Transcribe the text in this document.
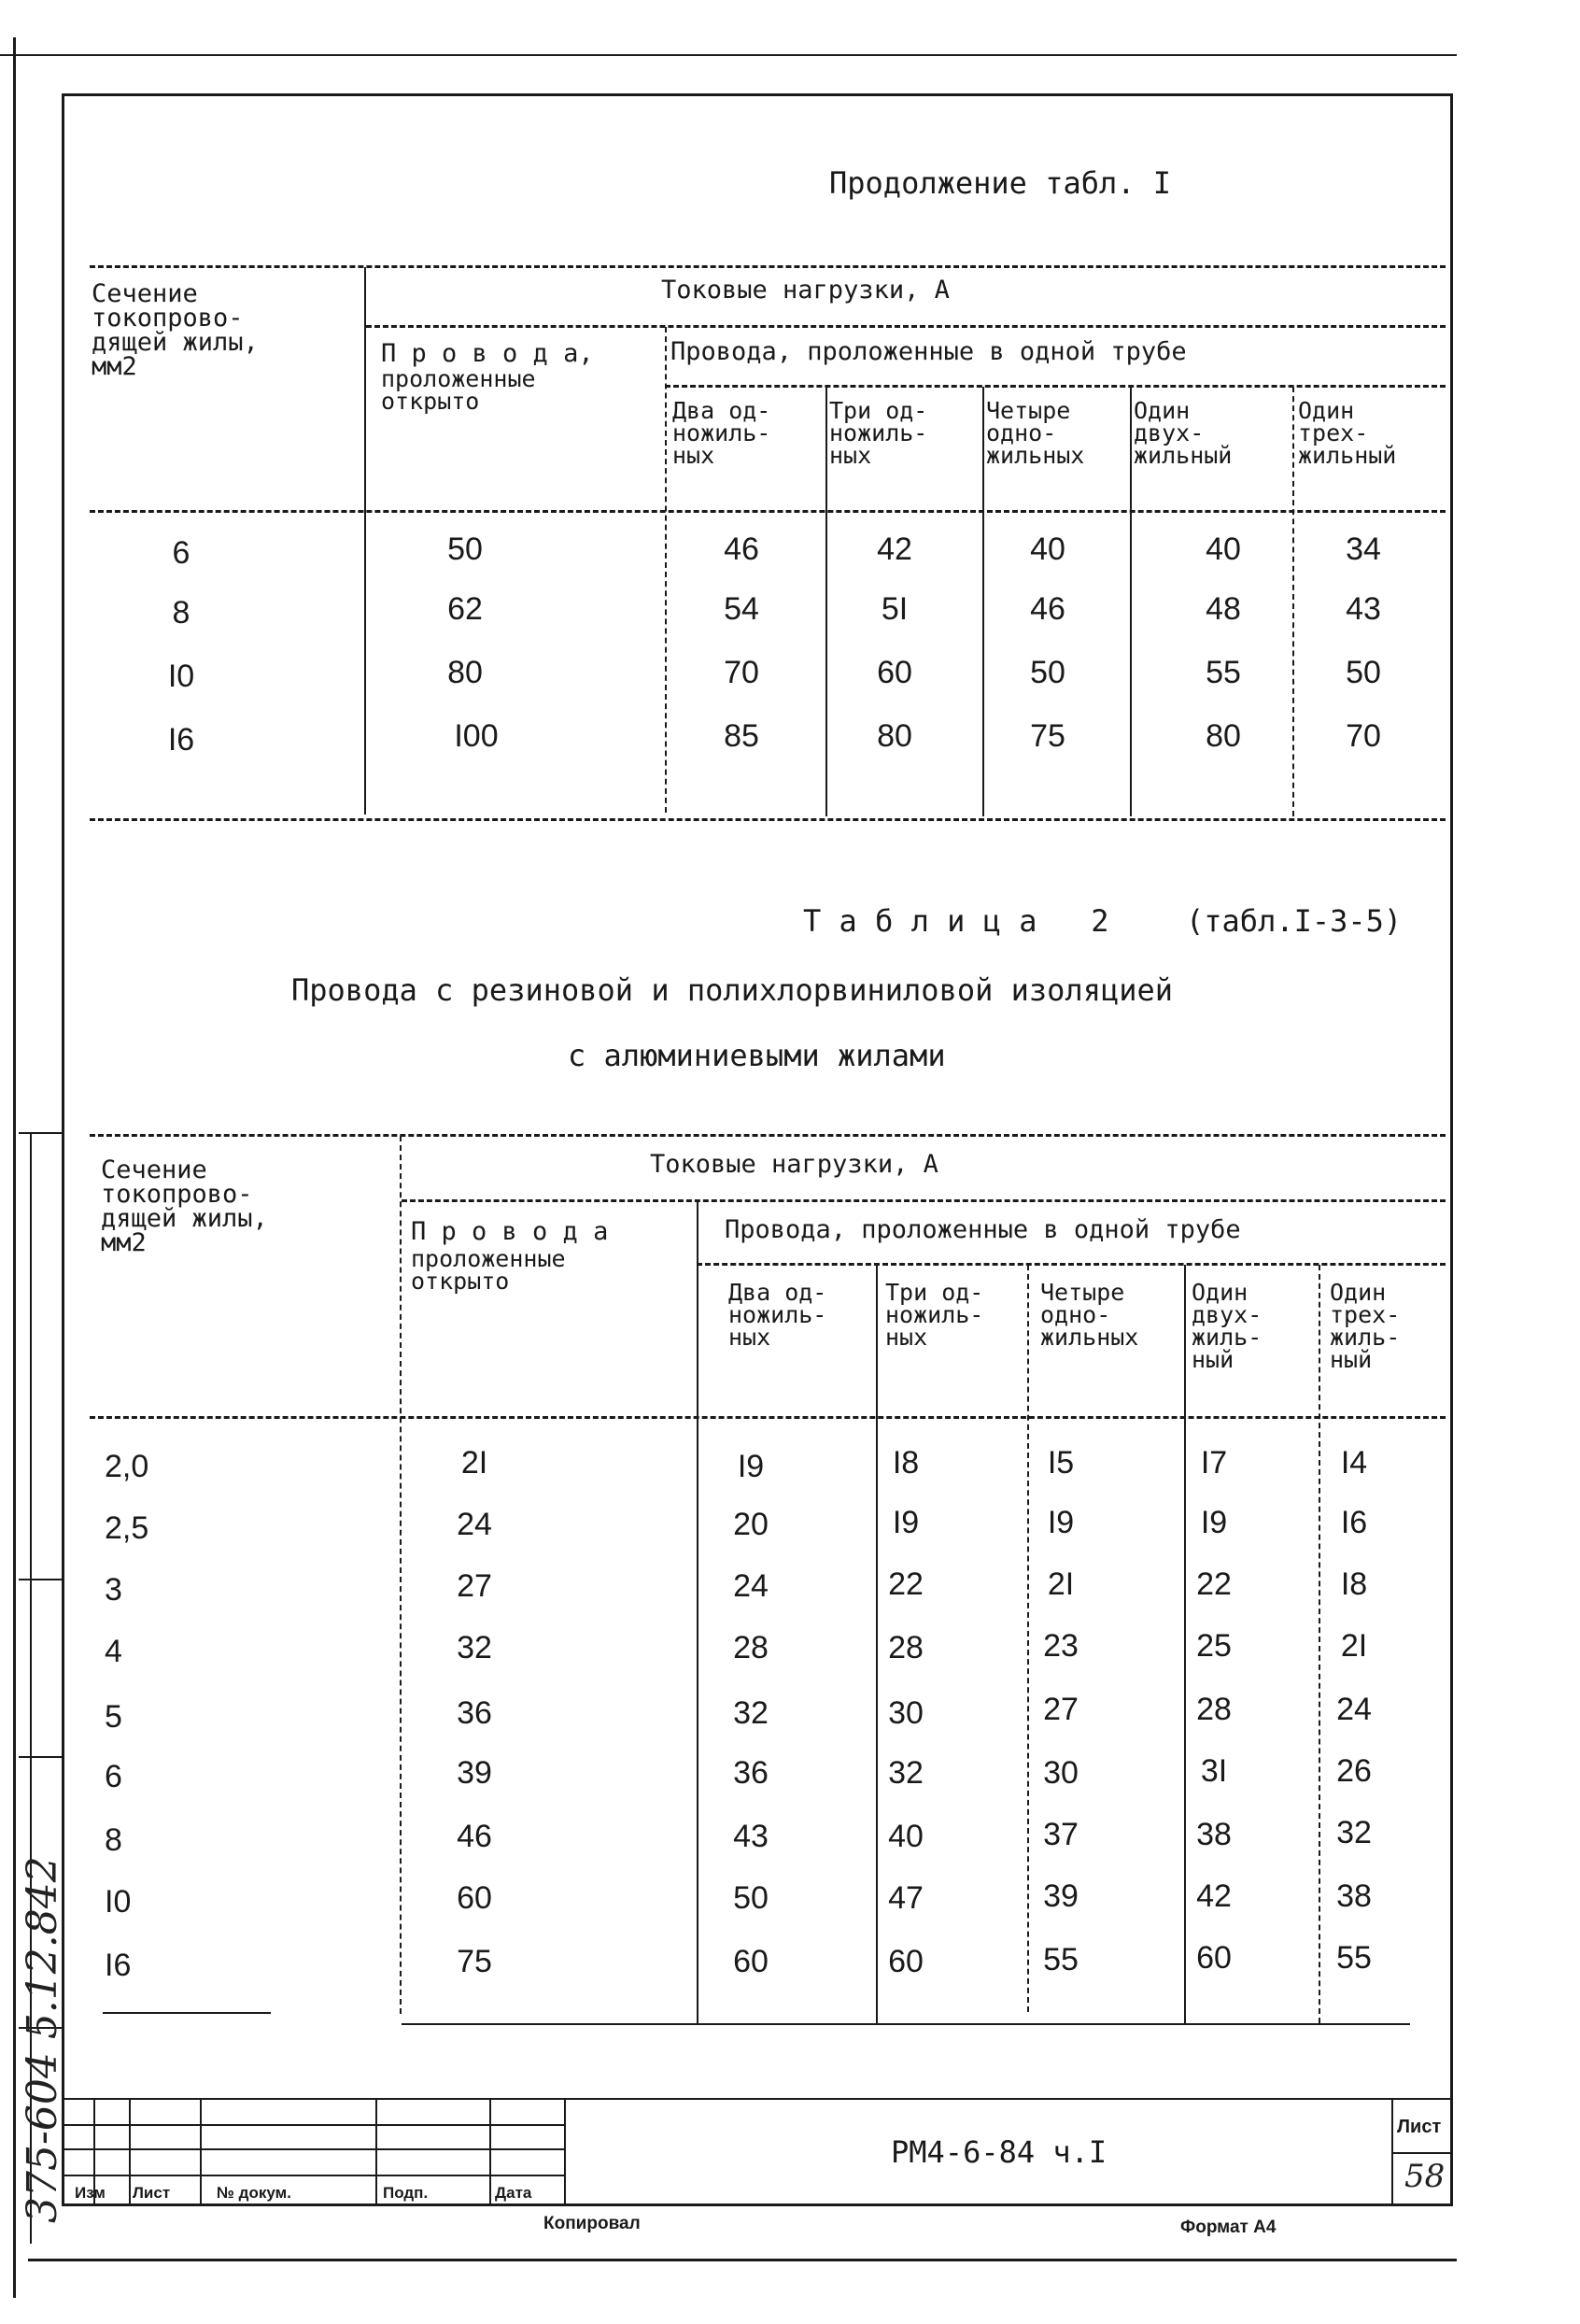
Продолжение табл. I
Сечение
токопрово-
дящей жилы,
мм2
Токовые нагрузки, А
П р о в о д а,
проложенные
открыто
Провода, проложенные в одной трубе
Два од-
ножиль-
ных
Три од-
ножиль-
ных
Четыре
одно-
жильных
Один
двух-
жильный
Один
трех-
жильный
6	50	46	42	40	40	34
8	62	54	5I	46	48	43
I0	80	70	60	50	55	50
I6	I00	85	80	75	80	70
Т а б л и ц а   2	(табл.I-3-5)
Провода с резиновой и полихлорвиниловой изоляцией
с алюминиевыми жилами
Сечение
токопрово-
дящей жилы,
мм2
Токовые нагрузки, А
П р о в о д а
проложенные
открыто
Провода, проложенные в одной трубе
Два од-
ножиль-
ных
Три од-
ножиль-
ных
Четыре
одно-
жильных
Один
двух-
жиль-
ный
Один
трех-
жиль-
ный
2,0	2I	I9	I8	I5	I7	I4
2,5	24	20	I9	I9	I9	I6
3	27	24	22	2I	22	I8
4	32	28	28	23	25	2I
5	36	32	30	27	28	24
6	39	36	32	30	3I	26
8	46	43	40	37	38	32
I0	60	50	47	39	42	38
I6	75	60	60	55	60	55
375-604 5.12.842 Изм Лист	№ докум.	Подп.	Дата
РМ4-6-84 ч.I
Лист
58
Копировал	Формат А4
